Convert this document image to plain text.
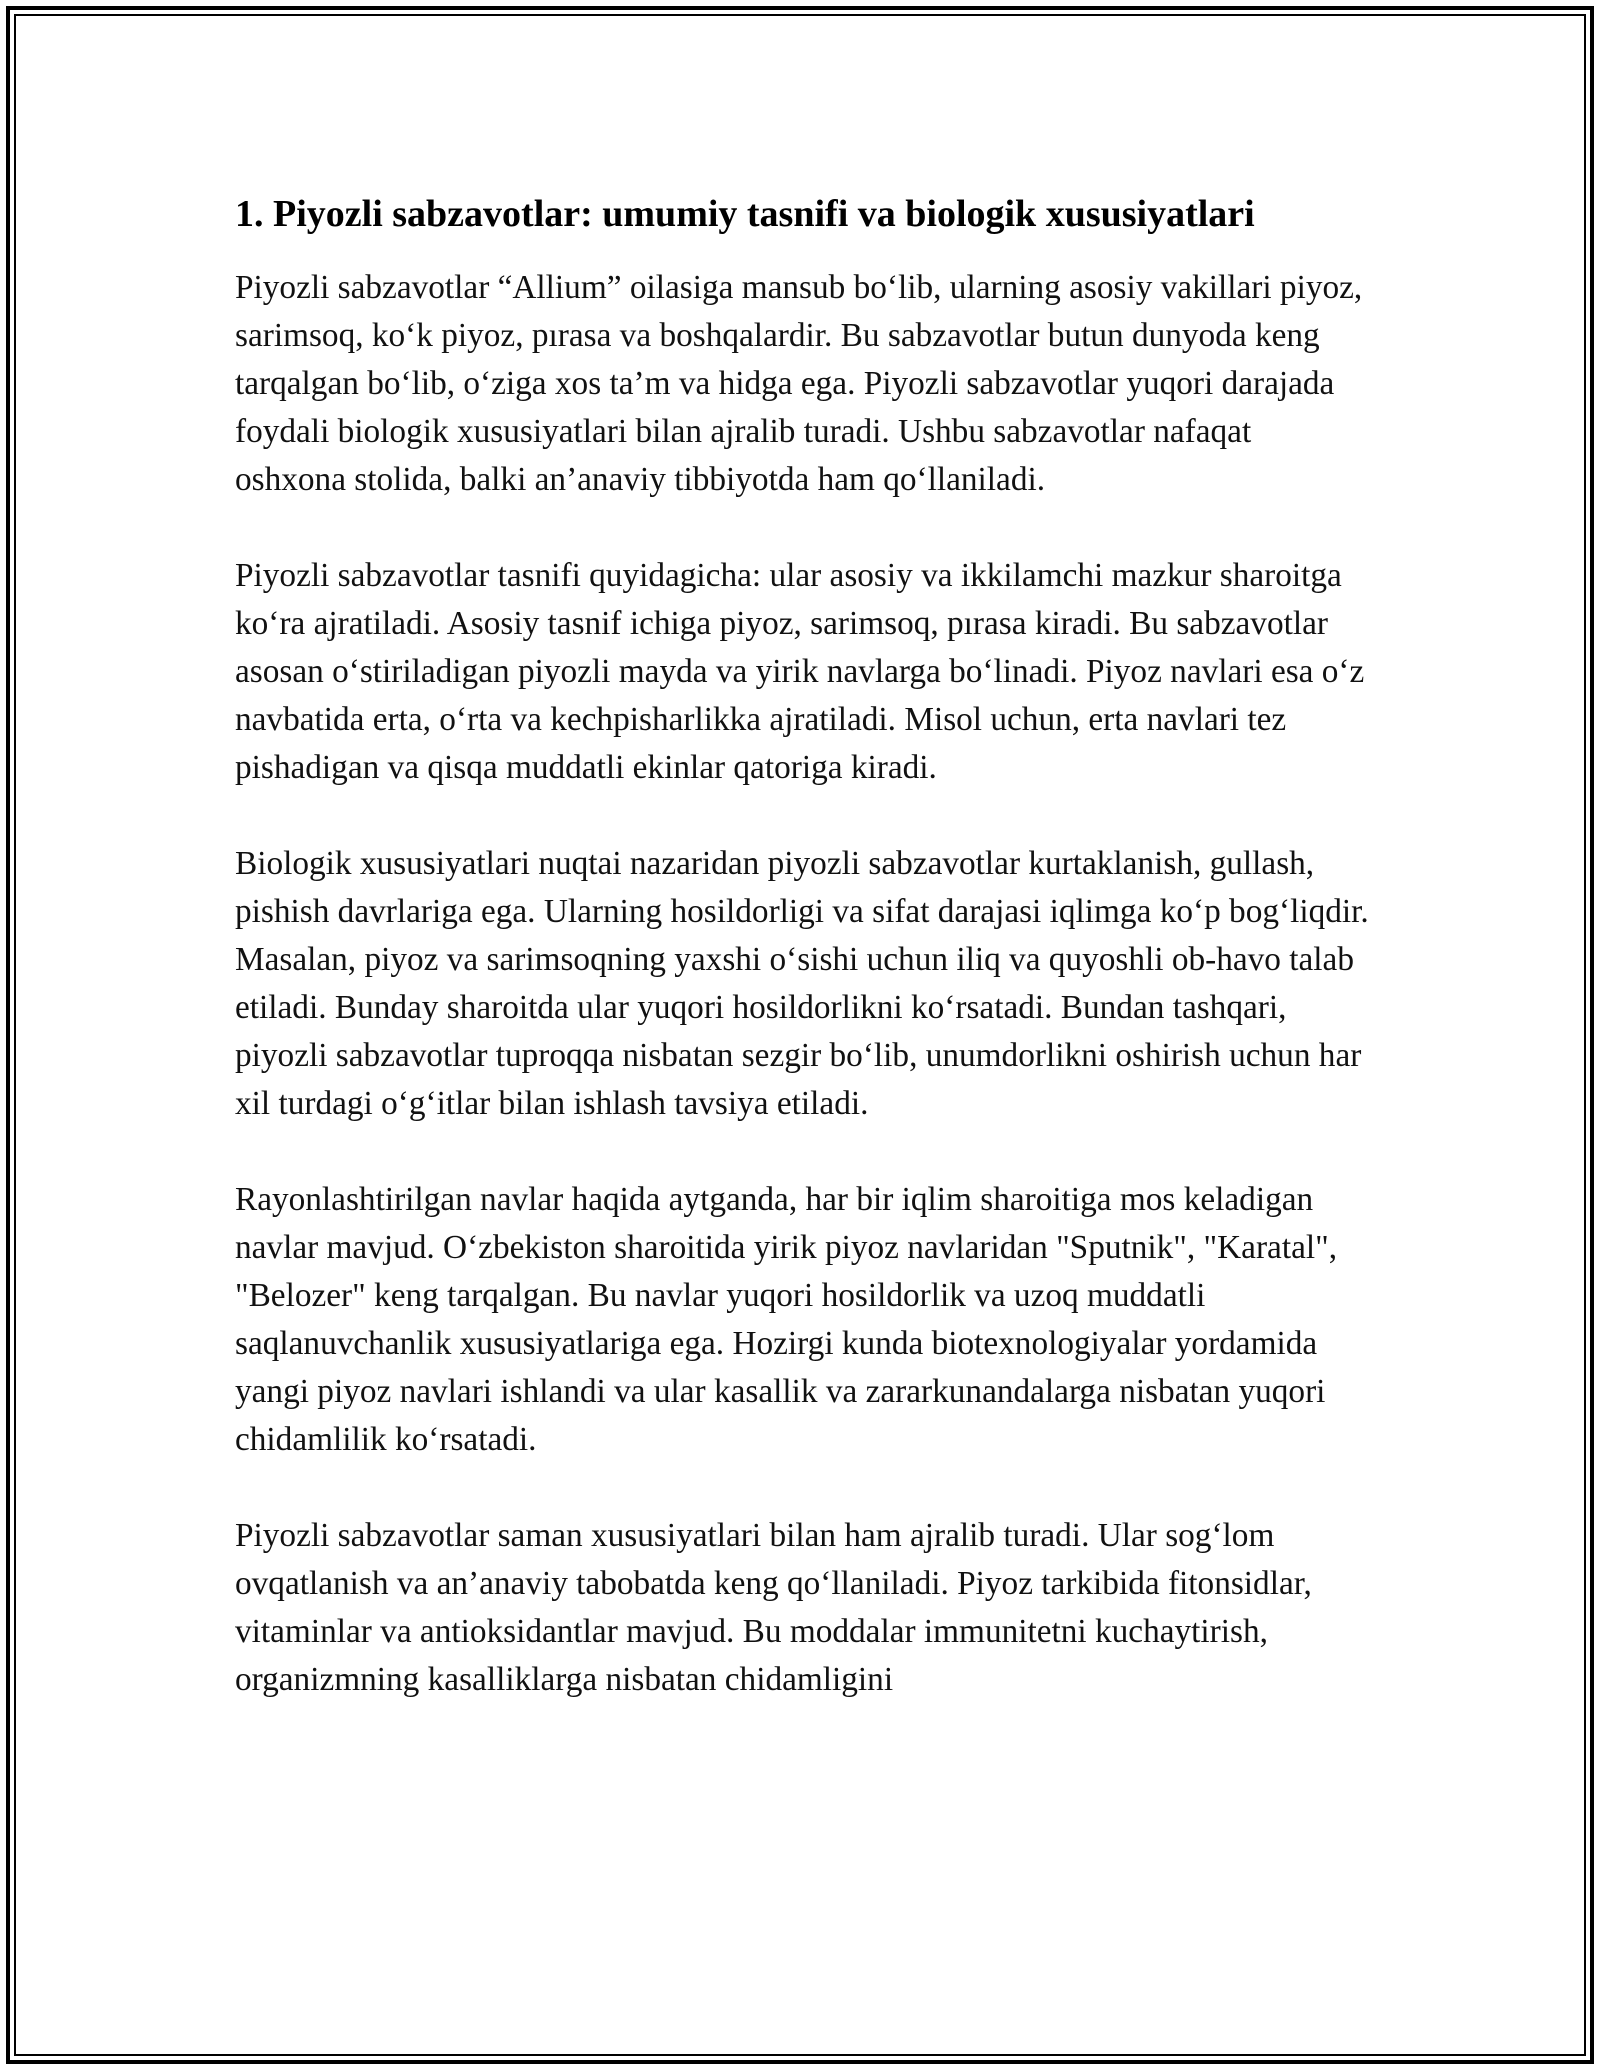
1. Piyozli sabzavotlar: umumiy tasnifi va biologik xususiyatlari

Piyozli sabzavotlar “Allium” oilasiga mansub bo‘lib, ularning asosiy vakillari piyoz, sarimsoq, ko‘k piyoz, pırasa va boshqalardir. Bu sabzavotlar butun dunyoda keng tarqalgan bo‘lib, o‘ziga xos ta’m va hidga ega. Piyozli sabzavotlar yuqori darajada foydali biologik xususiyatlari bilan ajralib turadi. Ushbu sabzavotlar nafaqat oshxona stolida, balki an’anaviy tibbiyotda ham qo‘llaniladi.

Piyozli sabzavotlar tasnifi quyidagicha: ular asosiy va ikkilamchi mazkur sharoitga ko‘ra ajratiladi. Asosiy tasnif ichiga piyoz, sarimsoq, pırasa kiradi. Bu sabzavotlar asosan o‘stiriladigan piyozli mayda va yirik navlarga bo‘linadi. Piyoz navlari esa o‘z navbatida erta, o‘rta va kechpisharlikka ajratiladi. Misol uchun, erta navlari tez pishadigan va qisqa muddatli ekinlar qatoriga kiradi.

Biologik xususiyatlari nuqtai nazaridan piyozli sabzavotlar kurtaklanish, gullash, pishish davrlariga ega. Ularning hosildorligi va sifat darajasi iqlimga ko‘p bog‘liqdir. Masalan, piyoz va sarimsoqning yaxshi o‘sishi uchun iliq va quyoshli ob-havo talab etiladi. Bunday sharoitda ular yuqori hosildorlikni ko‘rsatadi. Bundan tashqari, piyozli sabzavotlar tuproqqa nisbatan sezgir bo‘lib, unumdorlikni oshirish uchun har xil turdagi o‘g‘itlar bilan ishlash tavsiya etiladi.

Rayonlashtirilgan navlar haqida aytganda, har bir iqlim sharoitiga mos keladigan navlar mavjud. O‘zbekiston sharoitida yirik piyoz navlaridan "Sputnik", "Karatal", "Belozer" keng tarqalgan. Bu navlar yuqori hosildorlik va uzoq muddatli saqlanuvchanlik xususiyatlariga ega. Hozirgi kunda biotexnologiyalar yordamida yangi piyoz navlari ishlandi va ular kasallik va zararkunandalarga nisbatan yuqori chidamlilik ko‘rsatadi.

Piyozli sabzavotlar saman xususiyatlari bilan ham ajralib turadi. Ular sog‘lom ovqatlanish va an’anaviy tabobatda keng qo‘llaniladi. Piyoz tarkibida fitonsidlar, vitaminlar va antioksidantlar mavjud. Bu moddalar immunitetni kuchaytirish, organizmning kasalliklarga nisbatan chidamligini
